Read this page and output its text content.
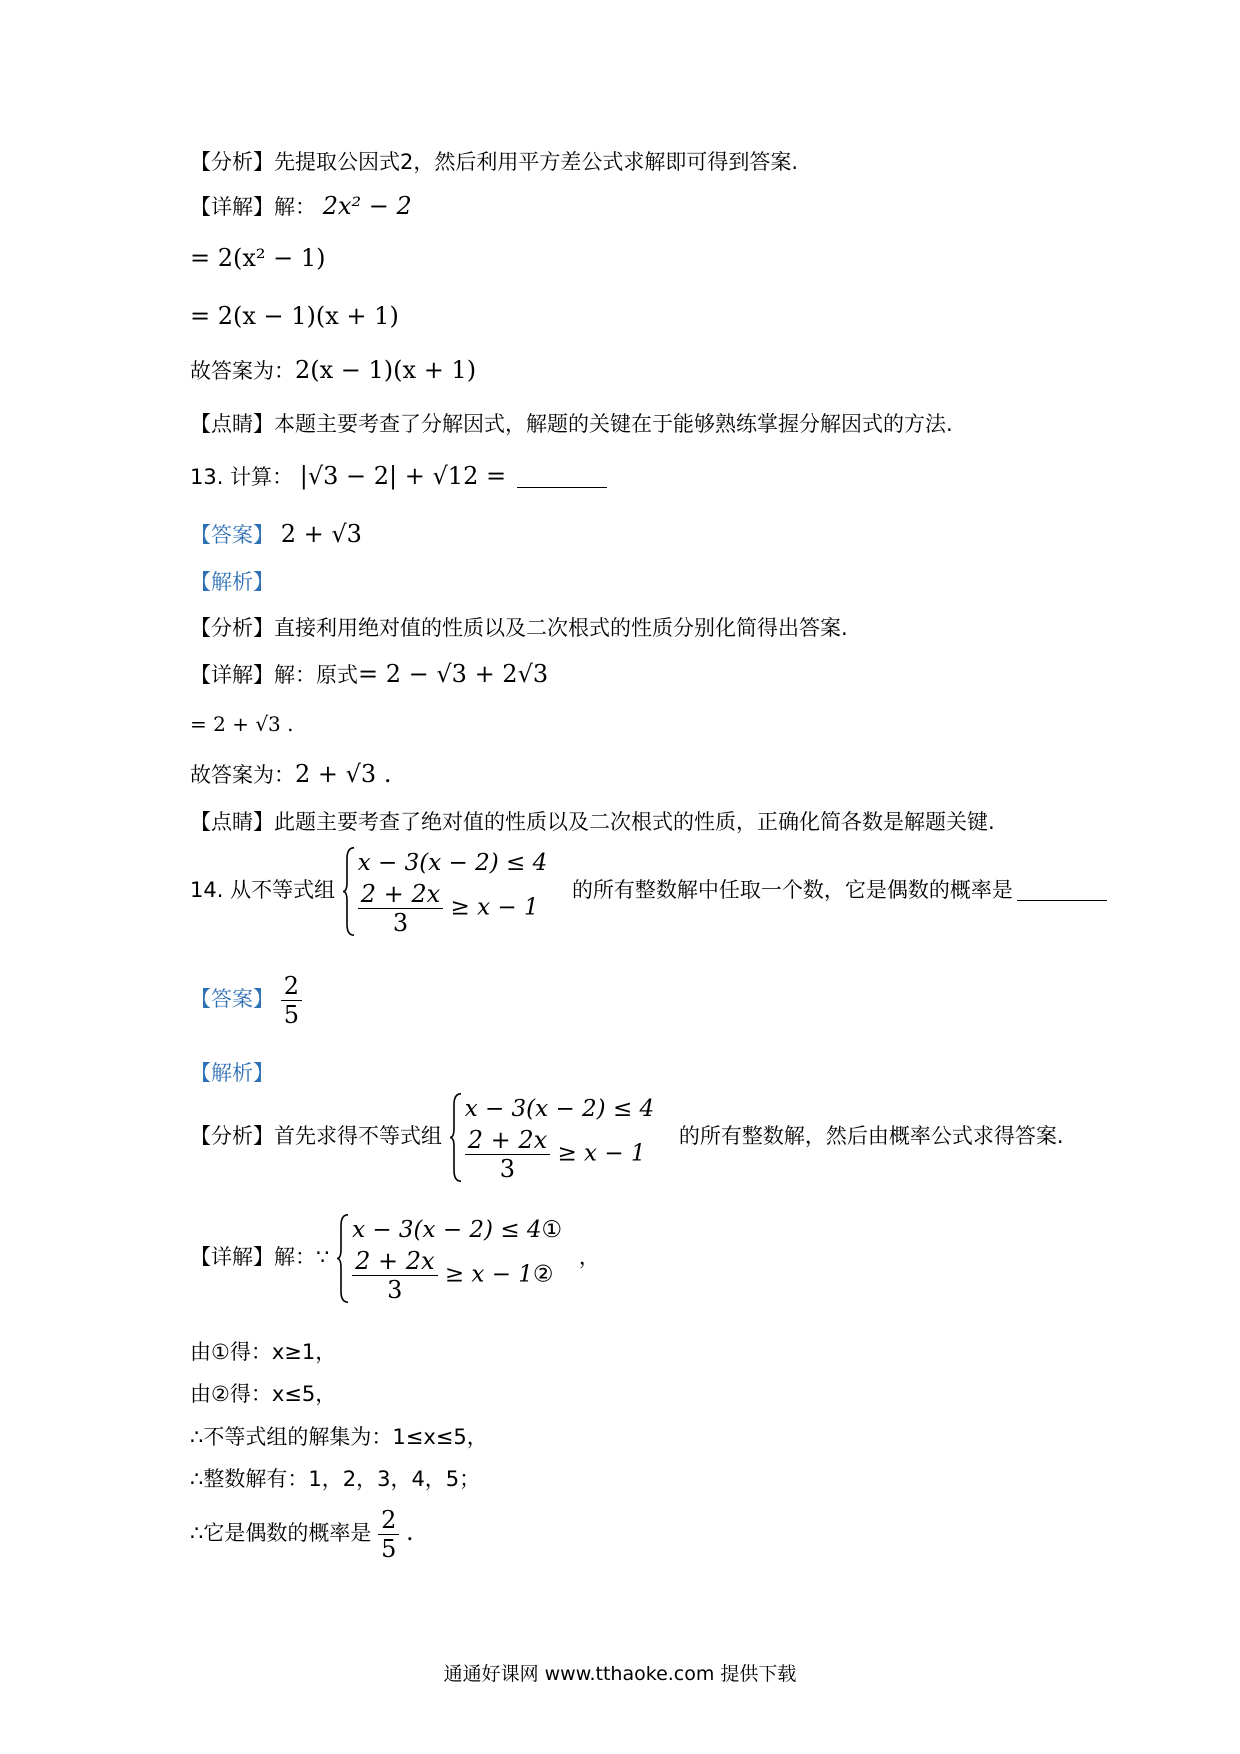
【分析】先提取公因式2，然后利用平方差公式求解即可得到答案.
【详解】解： 2x² − 2
= 2(x² − 1)
= 2(x − 1)(x + 1)
故答案为：2(x − 1)(x + 1)
【点睛】本题主要考查了分解因式，解题的关键在于能够熟练掌握分解因式的方法.
13. 计算： |√3 − 2| + √12 =
【答案】 2 + √3
【解析】
【分析】直接利用绝对值的性质以及二次根式的性质分别化简得出答案.
【详解】解：原式= 2 − √3 + 2√3
= 2 + √3 .
故答案为：2 + √3 .
【点睛】此题主要考查了绝对值的性质以及二次根式的性质，正确化简各数是解题关键.
14. 从不等式组
x − 3(x − 2) ≤ 4
$\frac{2 + 2x}{3} \ge x - 1$
的所有整数解中任取一个数，它是偶数的概率是
【答案】 $\frac{2}{5}$
【解析】
【分析】首先求得不等式组
x − 3(x − 2) ≤ 4
$\frac{2 + 2x}{3} \ge x - 1$
的所有整数解，然后由概率公式求得答案.
【详解】解：∵
x − 3(x − 2) ≤ 4①
$\frac{2 + 2x}{3} \ge x$ − 1②
，
由①得：x≥1，
由②得：x≤5，
∴不等式组的解集为：1≤x≤5，
∴整数解有：1，2，3，4，5；
∴它是偶数的概率是 $\frac{2}{5}$ .
通通好课网 www.tthaoke.com 提供下载
